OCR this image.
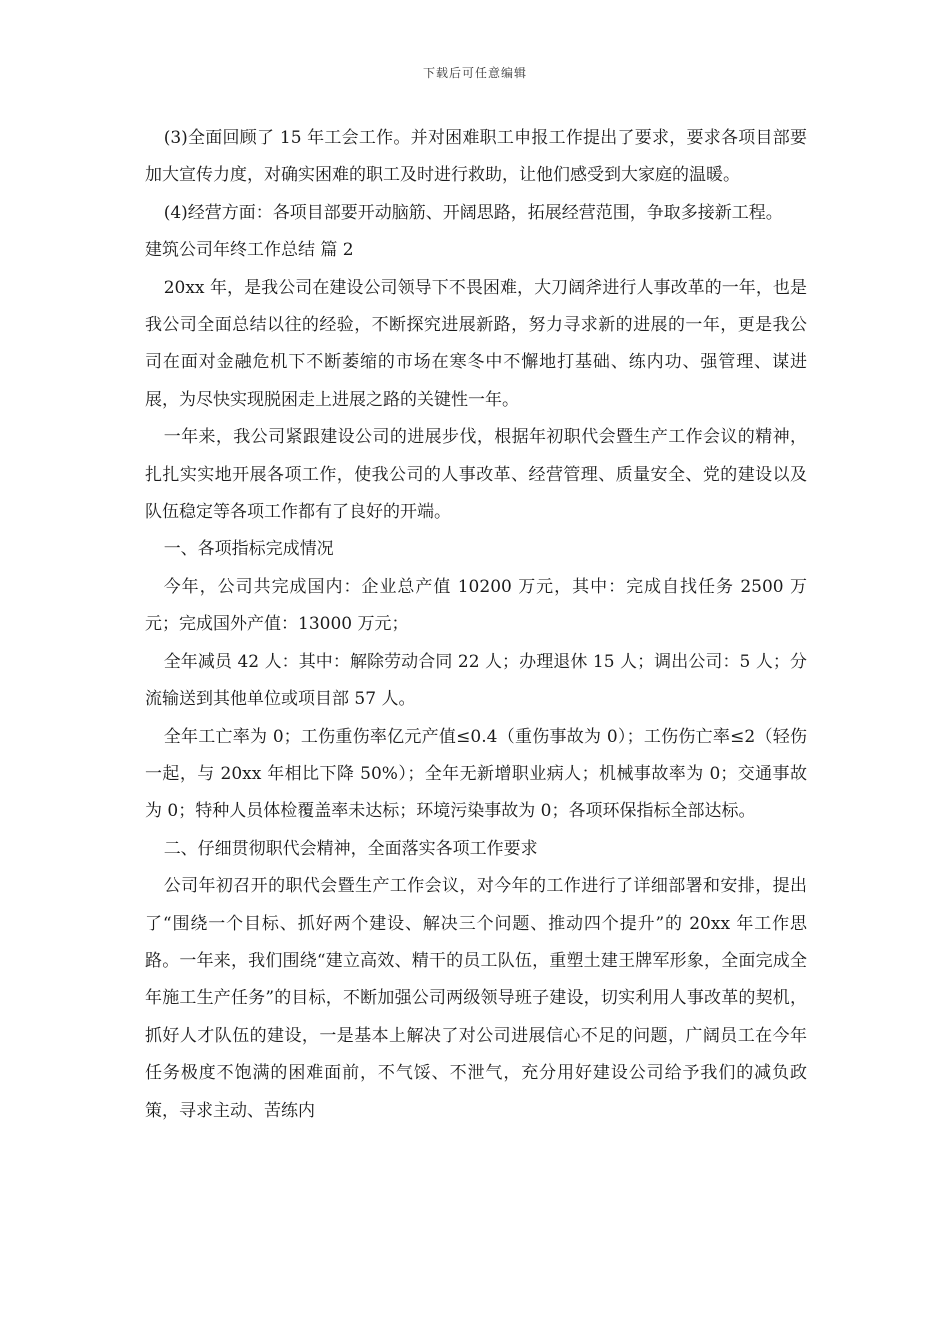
下载后可任意编辑

(3)全面回顾了 15 年工会工作。并对困难职工申报工作提出了要求，要求各项目部要加大宣传力度，对确实困难的职工及时进行救助，让他们感受到大家庭的温暖。

(4)经营方面：各项目部要开动脑筋、开阔思路，拓展经营范围，争取多接新工程。

建筑公司年终工作总结 篇 2

20xx 年，是我公司在建设公司领导下不畏困难，大刀阔斧进行人事改革的一年，也是我公司全面总结以往的经验，不断探究进展新路，努力寻求新的进展的一年，更是我公司在面对金融危机下不断萎缩的市场在寒冬中不懈地打基础、练内功、强管理、谋进展，为尽快实现脱困走上进展之路的关键性一年。

一年来，我公司紧跟建设公司的进展步伐，根据年初职代会暨生产工作会议的精神，扎扎实实地开展各项工作，使我公司的人事改革、经营管理、质量安全、党的建设以及队伍稳定等各项工作都有了良好的开端。

一、各项指标完成情况

今年，公司共完成国内：企业总产值 10200 万元，其中：完成自找任务 2500 万元；完成国外产值：13000 万元；

全年减员 42 人：其中：解除劳动合同 22 人；办理退休 15 人；调出公司：5 人；分流输送到其他单位或项目部 57 人。

全年工亡率为 0；工伤重伤率亿元产值≤0.4（重伤事故为 0）；工伤伤亡率≤2（轻伤一起，与 20xx 年相比下降 50%）；全年无新增职业病人；机械事故率为 0；交通事故为 0；特种人员体检覆盖率未达标；环境污染事故为 0；各项环保指标全部达标。

二、仔细贯彻职代会精神，全面落实各项工作要求

公司年初召开的职代会暨生产工作会议，对今年的工作进行了详细部署和安排，提出了“围绕一个目标、抓好两个建设、解决三个问题、推动四个提升”的 20xx 年工作思路。一年来，我们围绕“建立高效、精干的员工队伍，重塑土建王牌军形象，全面完成全年施工生产任务”的目标，不断加强公司两级领导班子建设，切实利用人事改革的契机，抓好人才队伍的建设，一是基本上解决了对公司进展信心不足的问题，广阔员工在今年任务极度不饱满的困难面前，不气馁、不泄气，充分用好建设公司给予我们的减负政策，寻求主动、苦练内
